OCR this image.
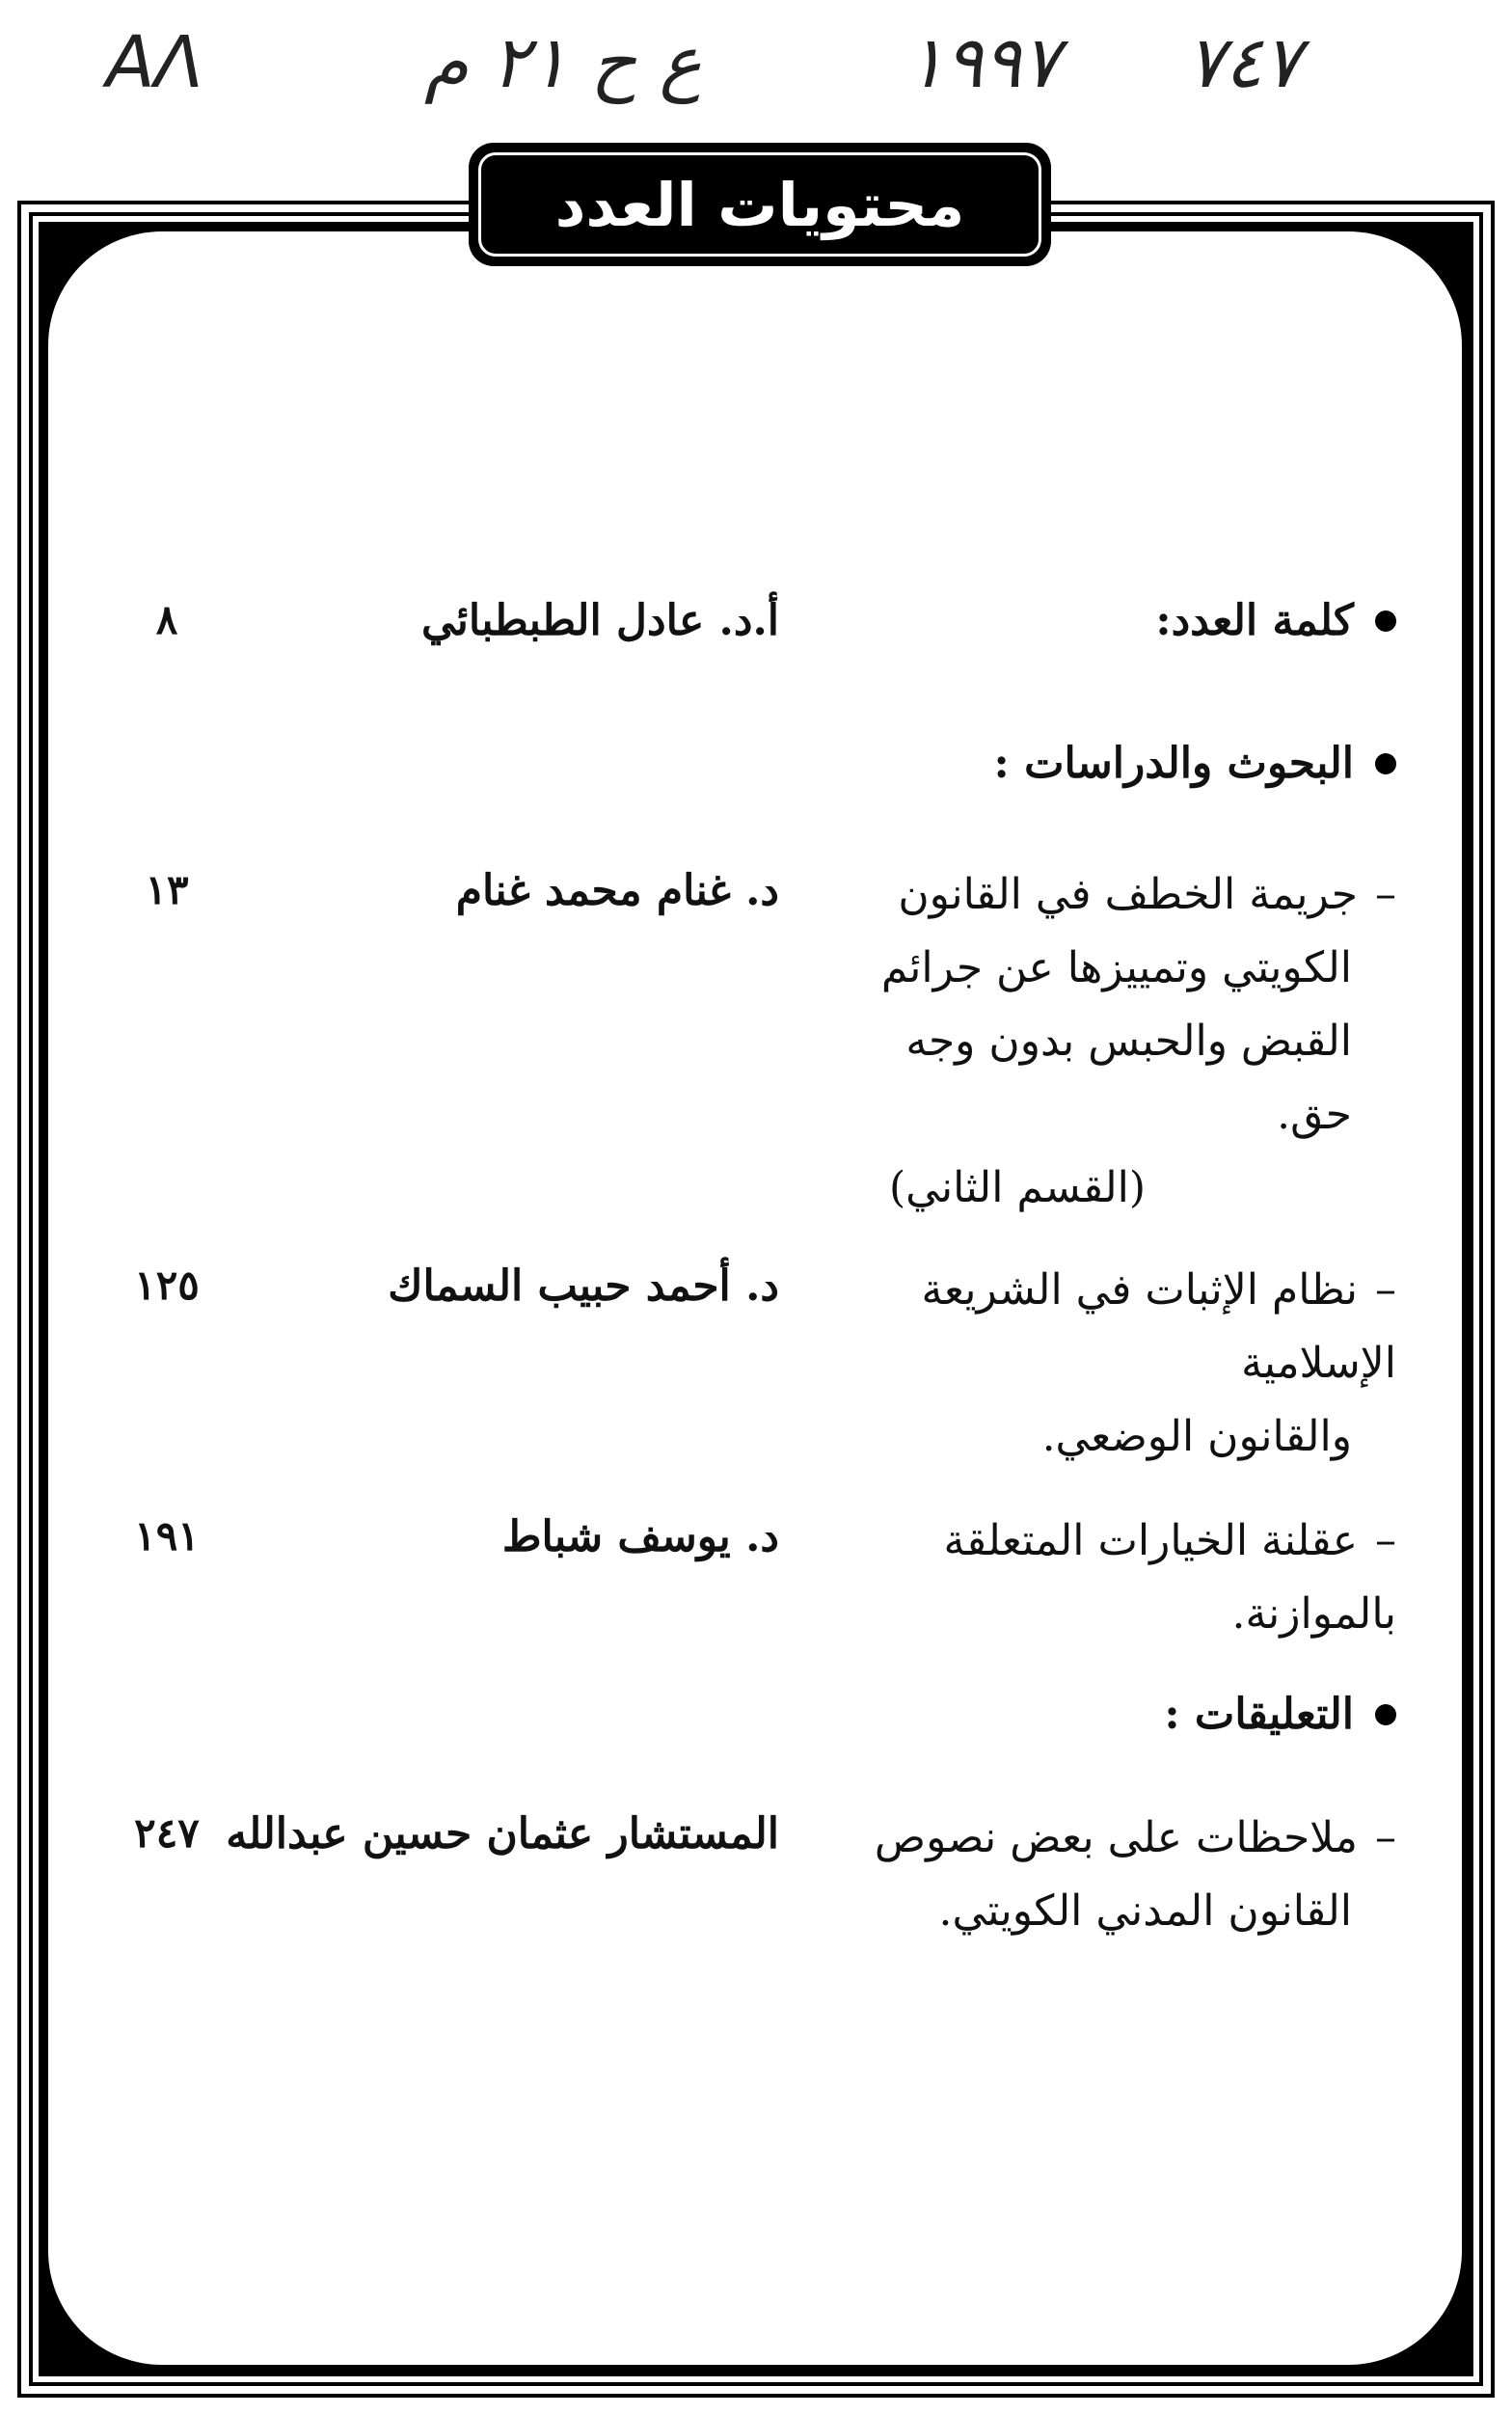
AΛ	ع ح ٢١ م	١٩٩٧ ٧٤٧
محتويات العدد
كلمة العدد:
أ.د. عادل الطبطبائي
٨
البحوث والدراسات :
–جريمة الخطف في القانون
الكويتي وتمييزها عن جرائم
القبض والحبس بدون وجه حق.
(القسم الثاني)
د. غنام محمد غنام
١٣
–نظام الإثبات في الشريعة الإسلامية
والقانون الوضعي.
د. أحمد حبيب السماك
١٢٥
–عقلنة الخيارات المتعلقة بالموازنة.
د. يوسف شباط
١٩١
التعليقات :
–ملاحظات على بعض نصوص
القانون المدني الكويتي.
المستشار عثمان حسين عبدالله
٢٤٧
